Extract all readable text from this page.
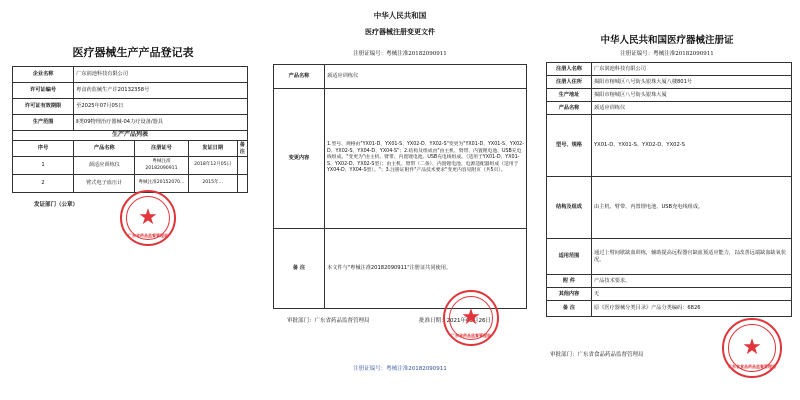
医疗器械生产产品登记表
企业名称	广东润池科技有限公司			
许可证编号	粤食药监械生产许20132358号			
许可证有效期限	至2025年07月05日			
生产范围	Ⅱ类09物理治疗器械-04力疗设备/器具			
生产产品列表				
序号	产品名称	注册证号	发证日期	备注
1	颈适应训练仪	粤械注准20182090911	2018年12月05日	
2	臂式电子血压计	粤械注准20152070...	2015年...	
发证部门（公章）	★
广东省药品监督管理局
中华人民共和国
医疗器械注册变更文件
注册证编号：粤械注准20182090911
产品名称	颈适应训练仪
变更内容	1.型号、规格由"YX01-D、YX01-S、YX02-D、YX02-S"变更为"YX01-D、YX01-S、YX02-D、YX02-S、YX04-D、YX04-S"；2.结构及组成由"由主机、臂带、内置锂电池、USB充电线组成。"变更为"由主机、臂带、内置锂电池、USB充电线组成。（适用于YX01-D、YX01-S、YX02-D、YX02-S型）；由主机、臂带（二条）、内置锂电池、电源适配器组成（适用于YX04-D、YX04-S型）。"；3.注册证附件"产品技术要求"变更内容见附页（共5页）。
备 注	本文件与"粤械注准20182090911"注册证共同使用。
审批部门：广东省药品监督管理局	批准日期：2021年09月26日
★
广东省药品监督管理局
注册证编号：粤械注准20182090911
中华人民共和国医疗器械注册证
注册证编号：粤械注准20182090911
注册人名称	广东润池科技有限公司
注册人住所	揭阳市榕城区八号街头银珠大厦八楼801号
生产地址	揭阳市榕城区八号街头银珠大厦
产品名称	颈适应训练仪
型号、规格	YX01-D、YX01-S、YX02-D、YX02-S
结构及组成	由主机、臂带、内置锂电池、USB充电线组成。
适用范围	通过上臂间歇缺血训练，辅助提高远程器官缺血预适应能力，以改善远端缺血缺氧状况。
附 件	产品技术要求。
其他内容	无
备 注	原《医疗器械分类目录》产品分类编码：6826
审批部门：广东省食品药品监督管理局	★
广东省食品药品监督管理局
